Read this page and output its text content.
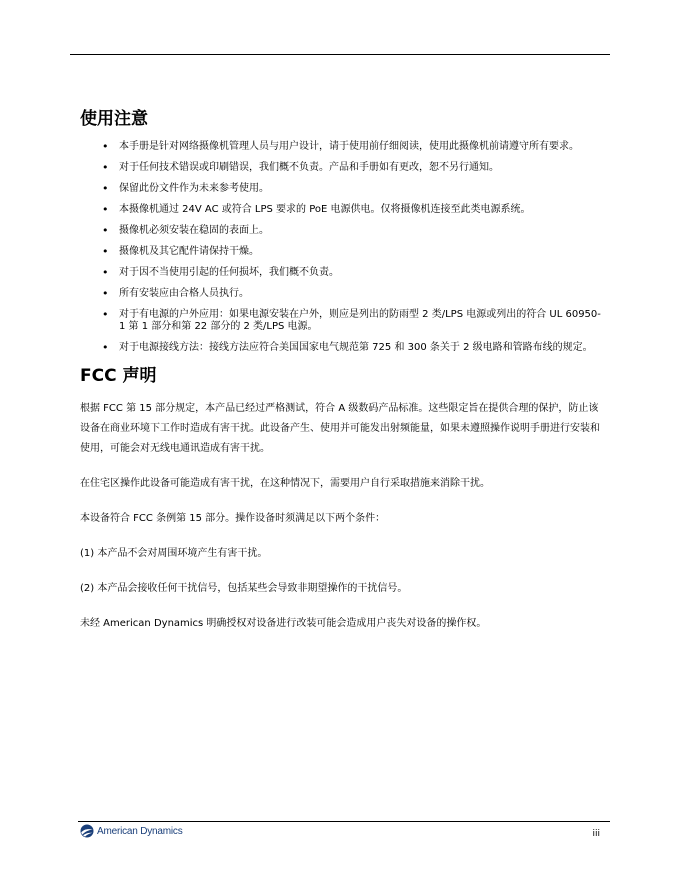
使用注意
• 本手册是针对网络摄像机管理人员与用户设计，请于使用前仔细阅读，使用此摄像机前请遵守所有要求。
• 对于任何技术错误或印刷错误，我们概不负责。产品和手册如有更改，恕不另行通知。
• 保留此份文件作为未来参考使用。
• 本摄像机通过 24V AC 或符合 LPS 要求的 PoE 电源供电。仅将摄像机连接至此类电源系统。
• 摄像机必须安装在稳固的表面上。
• 摄像机及其它配件请保持干燥。
• 对于因不当使用引起的任何损坏，我们概不负责。
• 所有安装应由合格人员执行。
• 对于有电源的户外应用：如果电源安装在户外，则应是列出的防雨型 2 类/LPS 电源或列出的符合 UL 60950-1 第 1 部分和第 22 部分的 2 类/LPS 电源。
• 对于电源接线方法：接线方法应符合美国国家电气规范第 725 和 300 条关于 2 级电路和管路布线的规定。
FCC 声明

根据 FCC 第 15 部分规定，本产品已经过严格测试，符合 A 级数码产品标准。这些限定旨在提供合理的保护，防止该设备在商业环境下工作时造成有害干扰。此设备产生、使用并可能发出射频能量，如果未遵照操作说明手册进行安装和使用，可能会对无线电通讯造成有害干扰。

在住宅区操作此设备可能造成有害干扰，在这种情况下，需要用户自行采取措施来消除干扰。

本设备符合 FCC 条例第 15 部分。操作设备时须满足以下两个条件：

(1) 本产品不会对周围环境产生有害干扰。

(2) 本产品会接收任何干扰信号，包括某些会导致非期望操作的干扰信号。

未经 American Dynamics 明确授权对设备进行改装可能会造成用户丧失对设备的操作权。

American Dynamics	iii
